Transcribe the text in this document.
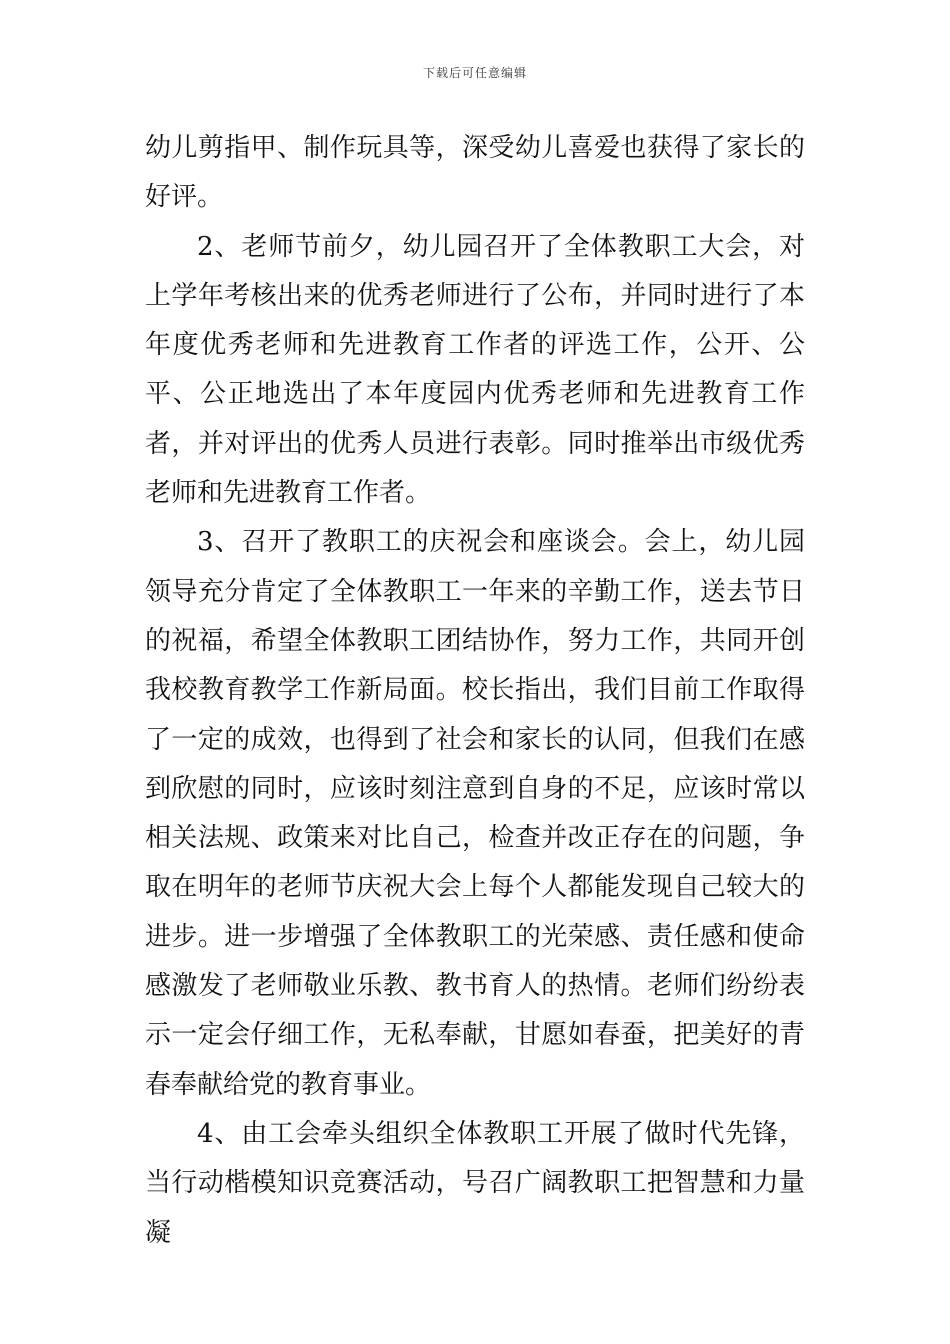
下载后可任意编辑

幼儿剪指甲、制作玩具等，深受幼儿喜爱也获得了家长的好评。

2、老师节前夕，幼儿园召开了全体教职工大会，对上学年考核出来的优秀老师进行了公布，并同时进行了本年度优秀老师和先进教育工作者的评选工作，公开、公平、公正地选出了本年度园内优秀老师和先进教育工作者，并对评出的优秀人员进行表彰。同时推举出市级优秀老师和先进教育工作者。

3、召开了教职工的庆祝会和座谈会。会上，幼儿园领导充分肯定了全体教职工一年来的辛勤工作，送去节日的祝福，希望全体教职工团结协作，努力工作，共同开创我校教育教学工作新局面。校长指出，我们目前工作取得了一定的成效，也得到了社会和家长的认同，但我们在感到欣慰的同时，应该时刻注意到自身的不足，应该时常以相关法规、政策来对比自己，检查并改正存在的问题，争取在明年的老师节庆祝大会上每个人都能发现自己较大的进步。进一步增强了全体教职工的光荣感、责任感和使命感激发了老师敬业乐教、教书育人的热情。老师们纷纷表示一定会仔细工作，无私奉献，甘愿如春蚕，把美好的青春奉献给党的教育事业。

4、由工会牵头组织全体教职工开展了做时代先锋，当行动楷模知识竞赛活动，号召广阔教职工把智慧和力量凝
